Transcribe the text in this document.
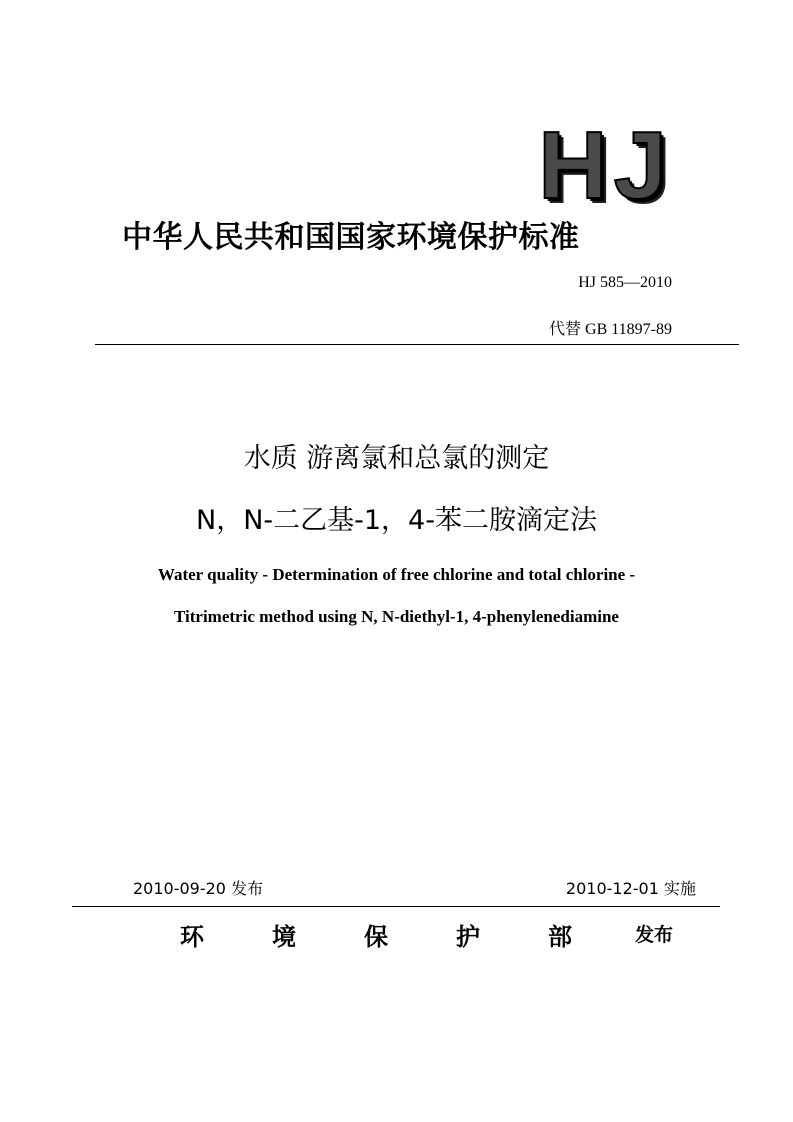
HJ
中华人民共和国国家环境保护标准
HJ 585—2010
代替 GB 11897-89
水质 游离氯和总氯的测定
N，N-二乙基-1，4-苯二胺滴定法
Water quality - Determination of free chlorine and total chlorine -
Titrimetric method using N, N-diethyl-1, 4-phenylenediamine
2010-09-20 发布	2010-12-01 实施
环	境	保	护	部	发布
